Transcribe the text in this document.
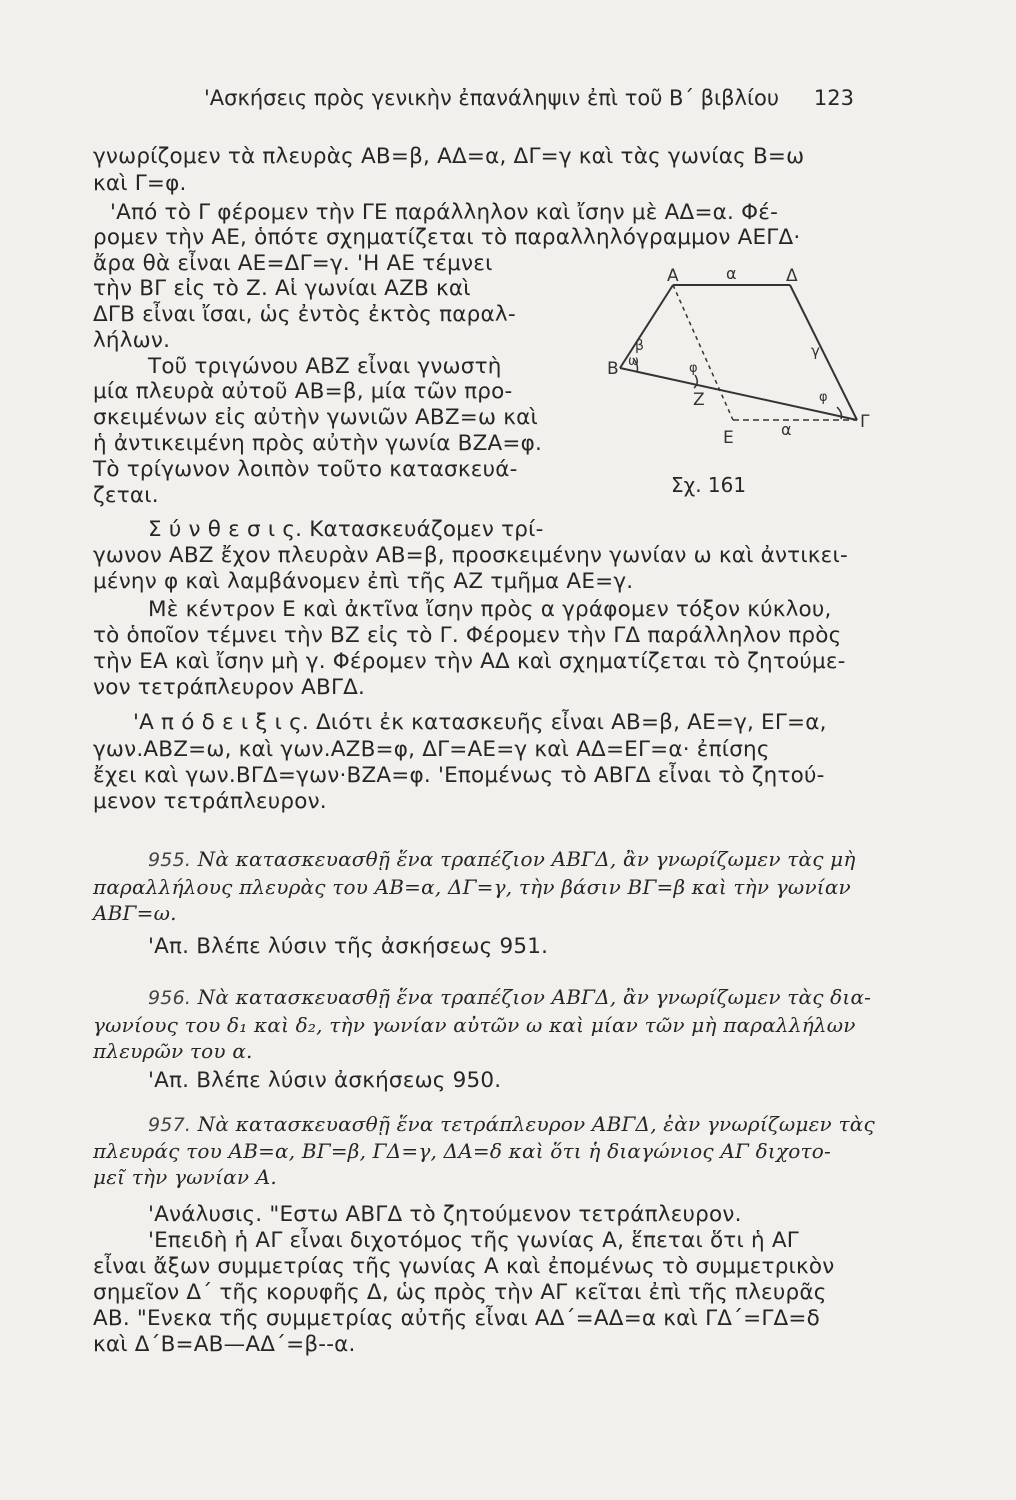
'Ασκήσεις πρὸς γενικὴν ἐπανάληψιν ἐπὶ τοῦ Β΄ βιβλίου 123
γνωρίζομεν τὰ πλευρὰς ΑΒ=β, ΑΔ=α, ΔΓ=γ καὶ τὰς γωνίας Β=ω
καὶ Γ=φ.
'Από τὸ Γ φέρομεν τὴν ΓΕ παράλληλον καὶ ἴσην μὲ ΑΔ=α. Φέ-
ρομεν τὴν ΑΕ, ὁπότε σχηματίζεται τὸ παραλληλόγραμμον ΑΕΓΔ·
ἄρα θὰ εἶναι ΑΕ=ΔΓ=γ. 'Η ΑΕ τέμνει
τὴν ΒΓ εἰς τὸ Ζ. Αἱ γωνίαι ΑΖΒ καὶ
ΔΓΒ εἶναι ἴσαι, ὡς ἐντὸς ἐκτὸς παραλ-
λήλων.
Τοῦ τριγώνου ΑΒΖ εἶναι γνωστὴ
μία πλευρὰ αὐτοῦ ΑΒ=β, μία τῶν προ-
σκειμένων εἰς αὐτὴν γωνιῶν ΑΒΖ=ω καὶ
ἡ ἀντικειμένη πρὸς αὐτὴν γωνία ΒΖΑ=φ.
Τὸ τρίγωνον λοιπὸν τοῦτο κατασκευά-
ζεται.
Σ ύ ν θ ε σ ι ς. Κατασκευάζομεν τρί-
γωνον ΑΒΖ ἔχον πλευρὰν ΑΒ=β, προσκειμένην γωνίαν ω καὶ ἀντικει-
μένην φ καὶ λαμβάνομεν ἐπὶ τῆς ΑΖ τμῆμα ΑΕ=γ.
Μὲ κέντρον Ε καὶ ἀκτῖνα ἴσην πρὸς α γράφομεν τόξον κύκλου,
τὸ ὁποῖον τέμνει τὴν ΒΖ εἰς τὸ Γ. Φέρομεν τὴν ΓΔ παράλληλον πρὸς
τὴν ΕΑ καὶ ἴσην μὴ γ. Φέρομεν τὴν ΑΔ καὶ σχηματίζεται τὸ ζητούμε-
νον τετράπλευρον ΑΒΓΔ.
'Α π ό δ ε ι ξ ι ς. Διότι ἐκ κατασκευῆς εἶναι ΑΒ=β, ΑΕ=γ, ΕΓ=α,
γων.ΑΒΖ=ω, καὶ γων.ΑΖΒ=φ, ΔΓ=ΑΕ=γ καὶ ΑΔ=ΕΓ=α· ἐπίσης
ἔχει καὶ γων.ΒΓΔ=γων·ΒΖΑ=φ. 'Επομένως τὸ ΑΒΓΔ εἶναι τὸ ζητού-
μενον τετράπλευρον.
955. Νὰ κατασκευασθῇ ἕνα τραπέζιον ΑΒΓΔ, ἂν γνωρίζωμεν τὰς μὴ
παραλλήλους πλευρὰς του ΑΒ=α, ΔΓ=γ, τὴν βάσιν ΒΓ=β καὶ τὴν γωνίαν
ΑΒΓ=ω.
'Απ. Βλέπε λύσιν τῆς ἀσκήσεως 951.
956. Νὰ κατασκευασθῇ ἕνα τραπέζιον ΑΒΓΔ, ἂν γνωρίζωμεν τὰς δια-
γωνίους του δ₁ καὶ δ₂, τὴν γωνίαν αὐτῶν ω καὶ μίαν τῶν μὴ παραλλήλων
πλευρῶν του α.
'Απ. Βλέπε λύσιν ἀσκήσεως 950.
957. Νὰ κατασκευασθῇ ἕνα τετράπλευρον ΑΒΓΔ, ἐὰν γνωρίζωμεν τὰς
πλευράς του ΑΒ=α, ΒΓ=β, ΓΔ=γ, ΔΑ=δ καὶ ὅτι ἡ διαγώνιος ΑΓ διχοτο-
μεῖ τὴν γωνίαν Α.
'Ανάλυσις. "Εστω ΑΒΓΔ τὸ ζητούμενον τετράπλευρον.
'Επειδὴ ἡ ΑΓ εἶναι διχοτόμος τῆς γωνίας Α, ἕπεται ὅτι ἡ ΑΓ
εἶναι ἄξων συμμετρίας τῆς γωνίας Α καὶ ἐπομένως τὸ συμμετρικὸν
σημεῖον Δ΄ τῆς κορυφῆς Δ, ὡς πρὸς τὴν ΑΓ κεῖται ἐπὶ τῆς πλευρᾶς
ΑΒ. "Ενεκα τῆς συμμετρίας αὐτῆς εἶναι ΑΔ΄=ΑΔ=α καὶ ΓΔ΄=ΓΔ=δ
καὶ Δ΄Β=ΑΒ—ΑΔ΄=β--α.
Α	Δ
α
Β
β
ω	φ
Ζ
γ
φ
Ε	α	Γ
Σχ. 161
